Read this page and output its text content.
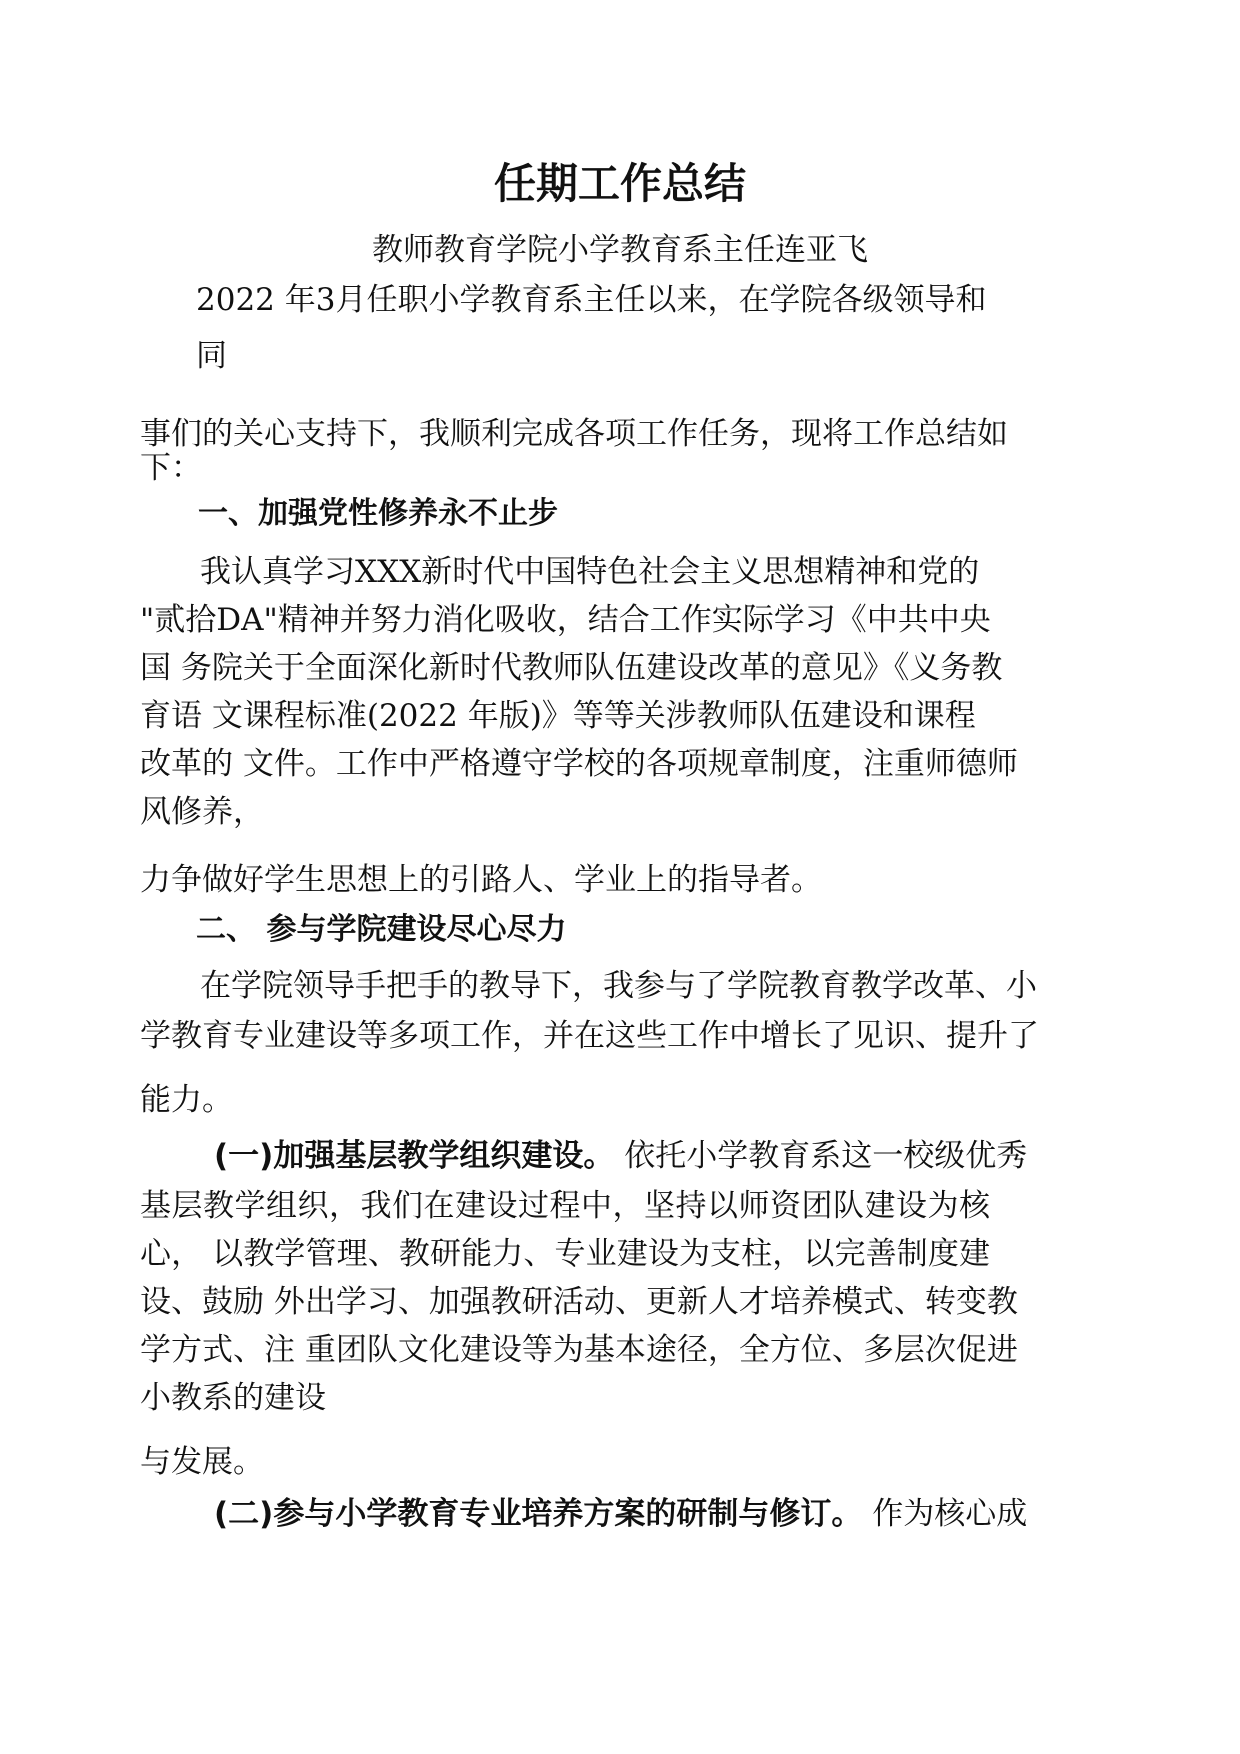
任期工作总结

教师教育学院小学教育系主任连亚飞

2022 年3月任职小学教育系主任以来，在学院各级领导和

同

事们的关心支持下，我顺利完成各项工作任务，现将工作总结如

下：

一、加强党性修养永不止步

我认真学习XXX新时代中国特色社会主义思想精神和党的

"贰拾DA"精神并努力消化吸收，结合工作实际学习《中共中央

国 务院关于全面深化新时代教师队伍建设改革的意见》《义务教

育语 文课程标准(2022 年版)》等等关涉教师队伍建设和课程

改革的 文件。工作中严格遵守学校的各项规章制度，注重师德师

风修养，

力争做好学生思想上的引路人、学业上的指导者。

二、 参与学院建设尽心尽力

在学院领导手把手的教导下，我参与了学院教育教学改革、小

学教育专业建设等多项工作，并在这些工作中增长了见识、提升了

能力。

(一)加强基层教学组织建设。 依托小学教育系这一校级优秀

基层教学组织，我们在建设过程中，坚持以师资团队建设为核

心， 以教学管理、教研能力、专业建设为支柱，以完善制度建

设、鼓励 外出学习、加强教研活动、更新人才培养模式、转变教

学方式、注 重团队文化建设等为基本途径，全方位、多层次促进

小教系的建设

与发展。

(二)参与小学教育专业培养方案的研制与修订。 作为核心成
